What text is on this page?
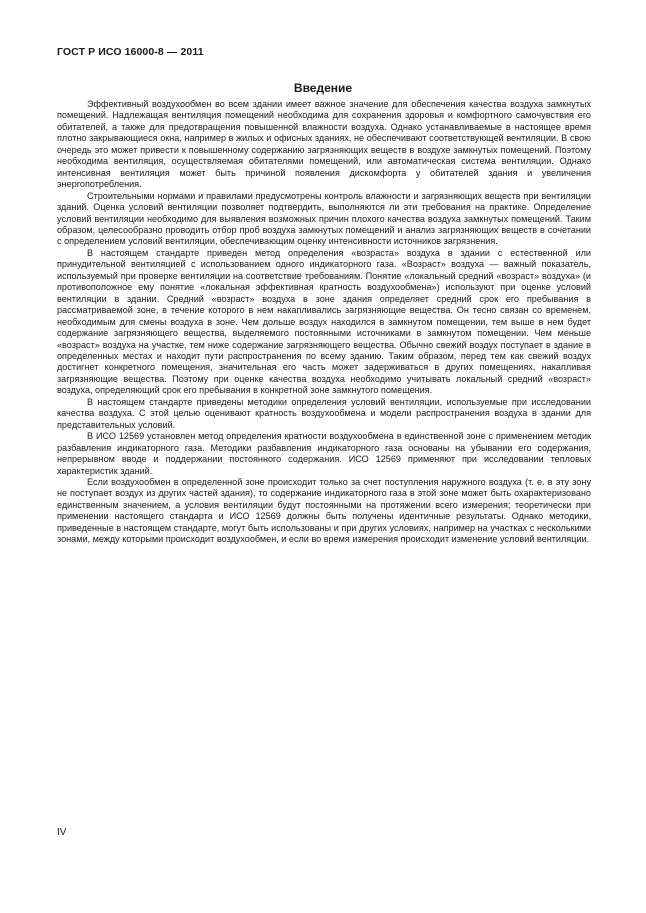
ГОСТ Р ИСО 16000-8 — 2011
Введение

Эффективный воздухообмен во всем здании имеет важное значение для обеспечения качества воздуха замкнутых помещений. Надлежащая вентиляция помещений необходима для сохранения здоровья и комфортного самочувствия его обитателей, а также для предотвращения повышенной влажности воздуха. Однако устанавливаемые в настоящее время плотно закрывающиеся окна, например в жилых и офисных зданиях, не обеспечивают соответствующей вентиляции. В свою очередь это может привести к повышенному содержанию загрязняющих веществ в воздухе замкнутых помещений. Поэтому необходима вентиляция, осуществляемая обитателями помещений, или автоматическая система вентиляции. Однако интенсивная вентиляция может быть причиной появления дискомфорта у обитателей здания и увеличения энергопотребления.

Строительными нормами и правилами предусмотрены контроль влажности и загрязняющих веществ при вентиляции зданий. Оценка условий вентиляции позволяет подтвердить, выполняются ли эти требования на практике. Определение условий вентиляции необходимо для выявления возможных причин плохого качества воздуха замкнутых помещений. Таким образом, целесообразно проводить отбор проб воздуха замкнутых помещений и анализ загрязняющих веществ в сочетании с определением условий вентиляции, обеспечивающим оценку интенсивности источников загрязнения.

В настоящем стандарте приведен метод определения «возраста» воздуха в здании с естественной или принудительной вентиляцией с использованием одного индикаторного газа. «Возраст» воздуха — важный показатель, используемый при проверке вентиляции на соответствие требованиям. Понятие «локальный средний «возраст» воздуха» (и противоположное ему понятие «локальная эффективная кратность воздухообмена») используют при оценке условий вентиляции в здании. Средний «возраст» воздуха в зоне здания определяет средний срок его пребывания в рассматриваемой зоне, в течение которого в нем накапливались загрязняющие вещества. Он тесно связан со временем, необходимым для смены воздуха в зоне. Чем дольше воздух находился в замкнутом помещении, тем выше в нем будет содержание загрязняющего вещества, выделяемого постоянными источниками в замкнутом помещении. Чем меньше «возраст» воздуха на участке, тем ниже содержание загрязняющего вещества. Обычно свежий воздух поступает в здание в определенных местах и находит пути распространения по всему зданию. Таким образом, перед тем как свежий воздух достигнет конкретного помещения, значительная его часть может задерживаться в других помещениях, накапливая загрязняющие вещества. Поэтому при оценке качества воздуха необходимо учитывать локальный средний «возраст» воздуха, определяющий срок его пребывания в конкретной зоне замкнутого помещения.

В настоящем стандарте приведены методики определения условий вентиляции, используемые при исследовании качества воздуха. С этой целью оценивают кратность воздухообмена и модели распространения воздуха в здании для представительных условий.

В ИСО 12569 установлен метод определения кратности воздухообмена в единственной зоне с применением методик разбавления индикаторного газа. Методики разбавления индикаторного газа основаны на убывании его содержания, непрерывном вводе и поддержании постоянного содержания. ИСО 12569 применяют при исследовании тепловых характеристик зданий.

Если воздухообмен в определенной зоне происходит только за счет поступления наружного воздуха (т. е. в эту зону не поступает воздух из других частей здания), то содержание индикаторного газа в этой зоне может быть охарактеризовано единственным значением, а условия вентиляции будут постоянными на протяжении всего измерения; теоретически при применении настоящего стандарта и ИСО 12569 должны быть получены идентичные результаты. Однако методики, приведенные в настоящем стандарте, могут быть использованы и при других условиях, например на участках с несколькими зонами, между которыми происходит воздухообмен, и если во время измерения происходит изменение условий вентиляции.

IV
